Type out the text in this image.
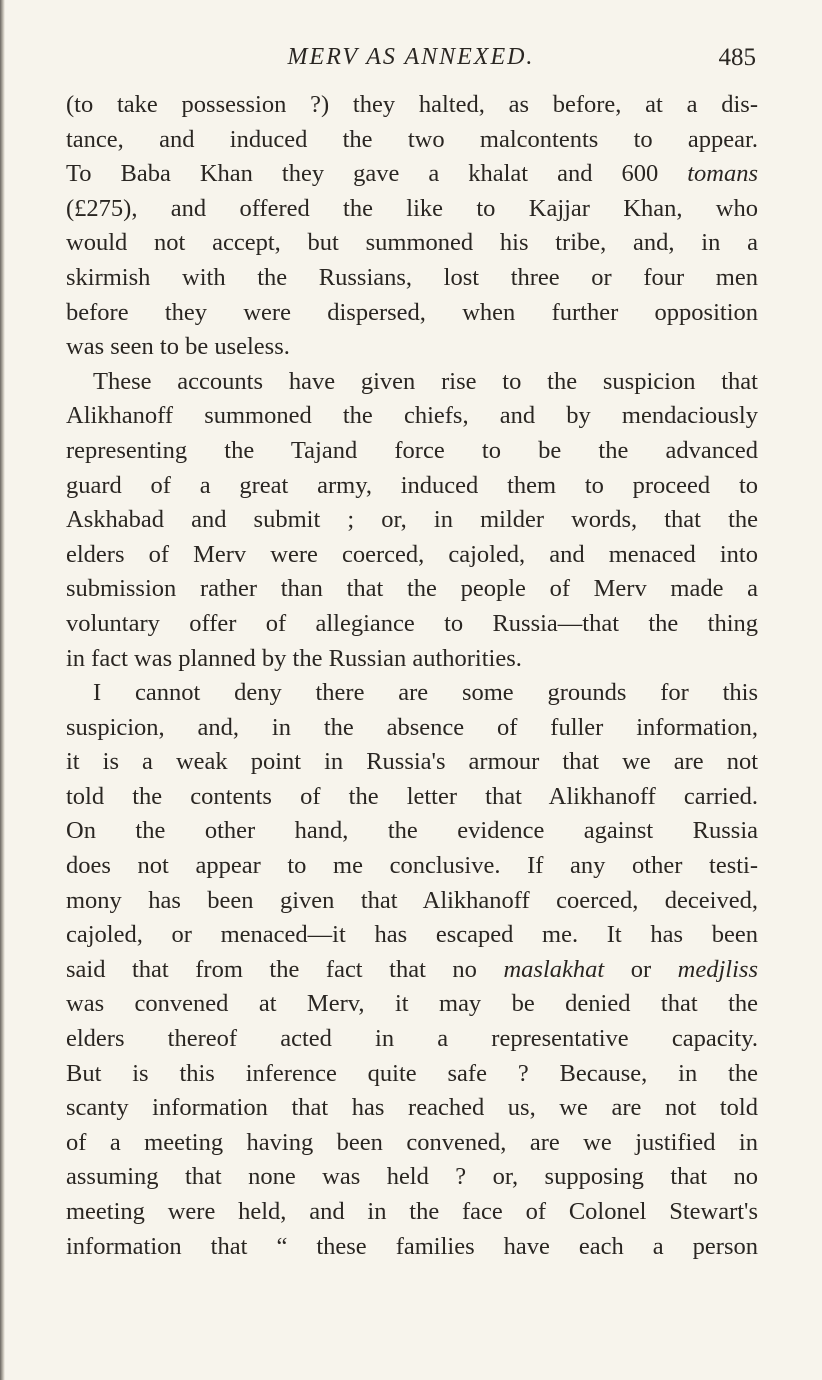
MERV AS ANNEXED.	485
(to take possession ?) they halted, as before, at a dis-
tance, and induced the two malcontents to appear.
To Baba Khan they gave a khalat and 600 tomans
(£275), and offered the like to Kajjar Khan, who
would not accept, but summoned his tribe, and, in a
skirmish with the Russians, lost three or four men
before they were dispersed, when further opposition
was seen to be useless.
These accounts have given rise to the suspicion that
Alikhanoff summoned the chiefs, and by mendaciously
representing the Tajand force to be the advanced
guard of a great army, induced them to proceed to
Askhabad and submit ; or, in milder words, that the
elders of Merv were coerced, cajoled, and menaced into
submission rather than that the people of Merv made a
voluntary offer of allegiance to Russia—that the thing
in fact was planned by the Russian authorities.
I cannot deny there are some grounds for this
suspicion, and, in the absence of fuller information,
it is a weak point in Russia's armour that we are not
told the contents of the letter that Alikhanoff carried.
On the other hand, the evidence against Russia
does not appear to me conclusive. If any other testi-
mony has been given that Alikhanoff coerced, deceived,
cajoled, or menaced—it has escaped me. It has been
said that from the fact that no maslakhat or medjliss
was convened at Merv, it may be denied that the
elders thereof acted in a representative capacity.
But is this inference quite safe ? Because, in the
scanty information that has reached us, we are not told
of a meeting having been convened, are we justified in
assuming that none was held ? or, supposing that no
meeting were held, and in the face of Colonel Stewart's
information that “ these families have each a person
